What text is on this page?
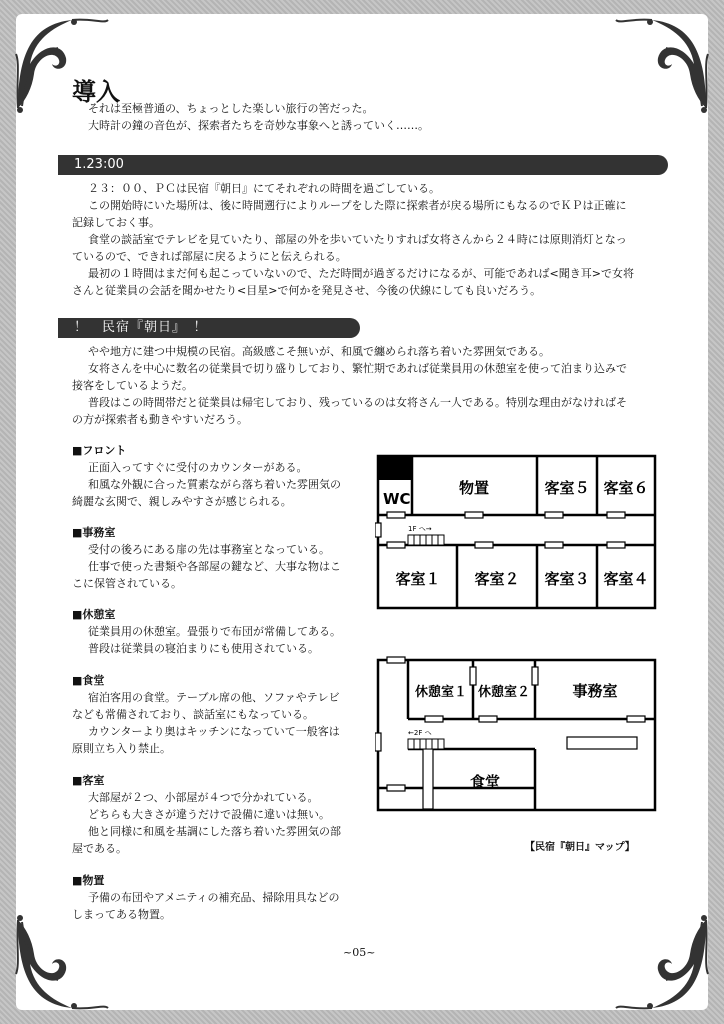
導入
それは至極普通の、ちょっとした楽しい旅行の筈だった。
大時計の鐘の音色が、探索者たちを奇妙な事象へと誘っていく……。
1.23:00
２３：００、ＰＣは民宿『朝日』にてそれぞれの時間を過ごしている。
この開始時にいた場所は、後に時間遡行によりループをした際に探索者が戻る場所にもなるのでＫＰは正確に
記録しておく事。
食堂の談話室でテレビを見ていたり、部屋の外を歩いていたりすれば女将さんから２４時には原則消灯となっ
ているので、できれば部屋に戻るようにと伝えられる。
最初の１時間はまだ何も起こっていないので、ただ時間が過ぎるだけになるが、可能であれば<聞き耳>で女将
さんと従業員の会話を聞かせたり<目星>で何かを発見させ、今後の伏線にしても良いだろう。
！　民宿『朝日』　！
やや地方に建つ中規模の民宿。高級感こそ無いが、和風で纏められ落ち着いた雰囲気である。
女将さんを中心に数名の従業員で切り盛りしており、繁忙期であれば従業員用の休憩室を使って泊まり込みで
接客をしているようだ。
普段はこの時間帯だと従業員は帰宅しており、残っているのは女将さん一人である。特別な理由がなければそ
の方が探索者も動きやすいだろう。
■フロント
正面入ってすぐに受付のカウンターがある。
和風な外観に合った質素ながら落ち着いた雰囲気の
綺麗な玄関で、親しみやすさが感じられる。
■事務室
受付の後ろにある扉の先は事務室となっている。
仕事で使った書類や各部屋の鍵など、大事な物はこ
こに保管されている。
■休憩室
従業員用の休憩室。畳張りで布団が常備してある。
普段は従業員の寝泊まりにも使用されている。
■食堂
宿泊客用の食堂。テーブル席の他、ソファやテレビ
なども常備されており、談話室にもなっている。
カウンターより奥はキッチンになっていて一般客は
原則立ち入り禁止。
■客室
大部屋が２つ、小部屋が４つで分かれている。
どちらも大きさが違うだけで設備に違いは無い。
他と同様に和風を基調にした落ち着いた雰囲気の部
屋である。
■物置
予備の布団やアメニティの補充品、掃除用具などの
しまってある物置。
WC
物置	客室５ 客室６
客室１ 客室２ 客室３ 客室４
1F へ→
休憩室１ 休憩室２	事務室
食堂
←2F へ
【民宿『朝日』マップ】
~05~
